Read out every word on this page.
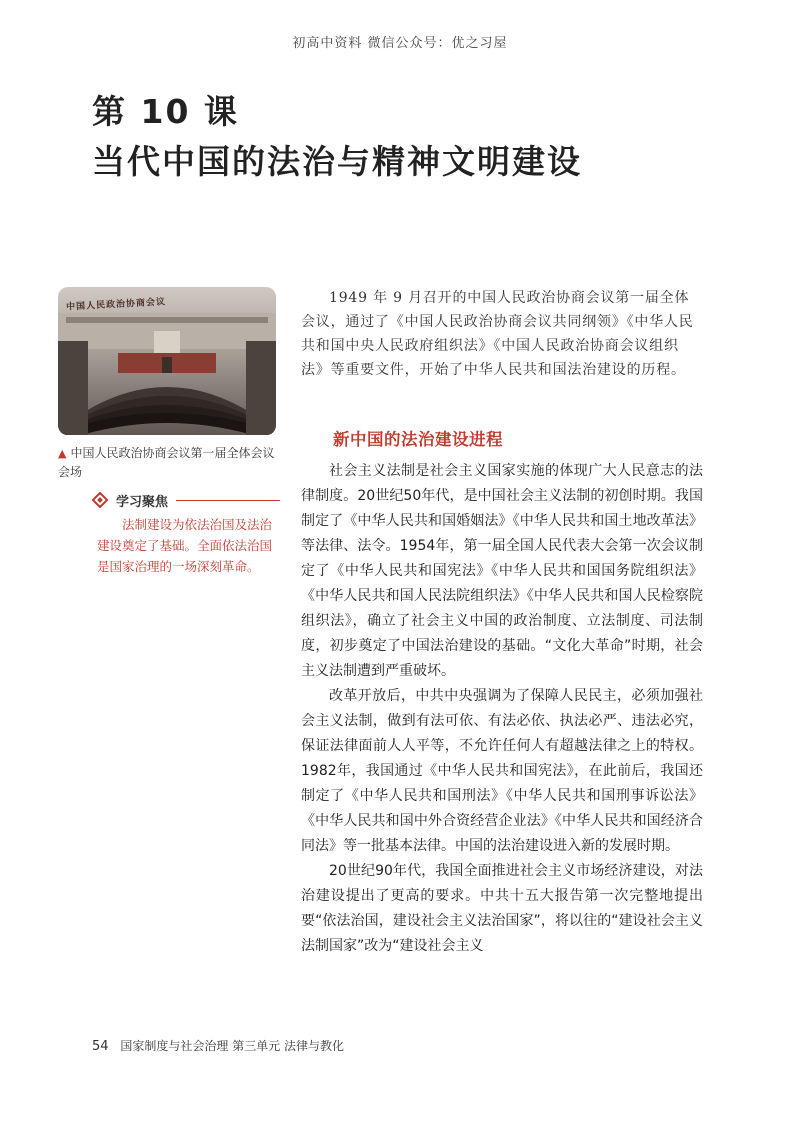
初高中资料 微信公众号：优之习屋
第 10 课
当代中国的法治与精神文明建设
中国人民政治协商会议
▲ 中国人民政治协商会议第一届全体会议会场
学习聚焦
法制建设为依法治国及法治建设奠定了基础。全面依法治国是国家治理的一场深刻革命。

1949 年 9 月召开的中国人民政治协商会议第一届全体会议，通过了《中国人民政治协商会议共同纲领》《中华人民共和国中央人民政府组织法》《中国人民政治协商会议组织法》等重要文件，开始了中华人民共和国法治建设的历程。

新中国的法治建设进程

社会主义法制是社会主义国家实施的体现广大人民意志的法律制度。20世纪50年代，是中国社会主义法制的初创时期。我国制定了《中华人民共和国婚姻法》《中华人民共和国土地改革法》等法律、法令。1954年，第一届全国人民代表大会第一次会议制定了《中华人民共和国宪法》《中华人民共和国国务院组织法》《中华人民共和国人民法院组织法》《中华人民共和国人民检察院组织法》，确立了社会主义中国的政治制度、立法制度、司法制度，初步奠定了中国法治建设的基础。“文化大革命”时期，社会主义法制遭到严重破坏。

改革开放后，中共中央强调为了保障人民民主，必须加强社会主义法制，做到有法可依、有法必依、执法必严、违法必究，保证法律面前人人平等，不允许任何人有超越法律之上的特权。1982年，我国通过《中华人民共和国宪法》，在此前后，我国还制定了《中华人民共和国刑法》《中华人民共和国刑事诉讼法》《中华人民共和国中外合资经营企业法》《中华人民共和国经济合同法》等一批基本法律。中国的法治建设进入新的发展时期。

20世纪90年代，我国全面推进社会主义市场经济建设，对法治建设提出了更高的要求。中共十五大报告第一次完整地提出要“依法治国，建设社会主义法治国家”，将以往的“建设社会主义法制国家”改为“建设社会主义

54 国家制度与社会治理 第三单元 法律与教化
